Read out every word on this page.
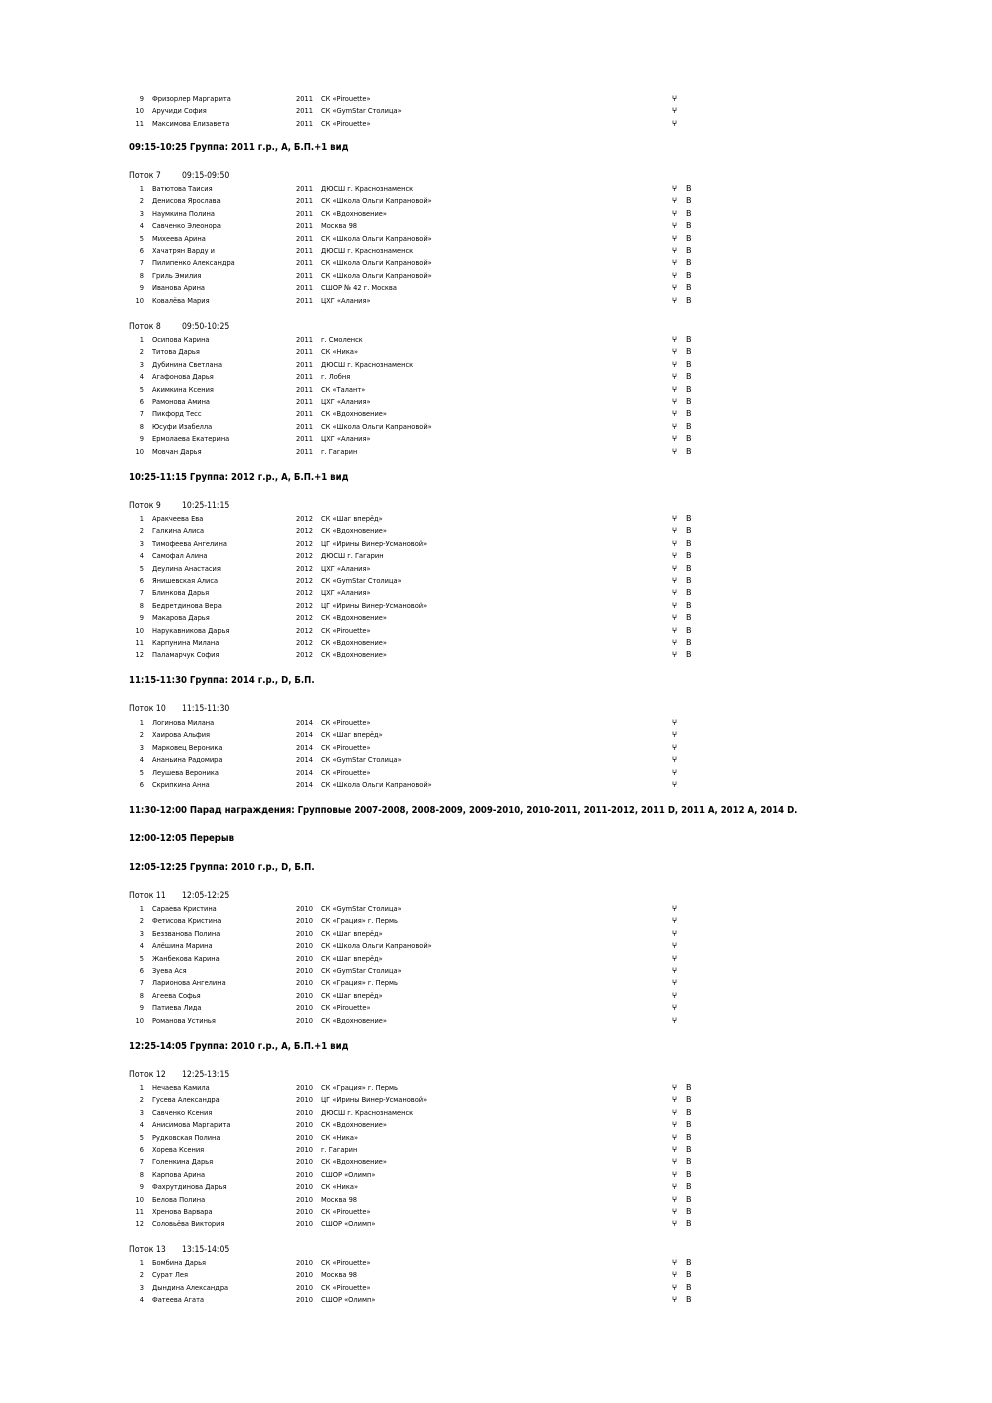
9 Фризорлер Маргарита	2011 СК «Pirouette»	ⵖ
10 Аручиди София	2011 СК «GymStar Столица»	ⵖ
11 Максимова Елизавета	2011 СК «Pirouette»	ⵖ
09:15-10:25 Группа: 2011 г.р., А, Б.П.+1 вид
Поток 7 09:15-09:50
1 Ватютова Таисия	2011 ДЮСШ г. Краснознаменск	ⵖ В
2 Денисова Ярослава	2011 СК «Школа Ольги Капрановой»	ⵖ В
3 Наумкина Полина	2011 СК «Вдохновение»	ⵖ В
4 Савченко Элеонора	2011 Москва 98	ⵖ В
5 Михеева Арина	2011 СК «Школа Ольги Капрановой»	ⵖ В
6 Хачатрян Варду и	2011 ДЮСШ г. Краснознаменск	ⵖ В
7 Пилипенко Александра	2011 СК «Школа Ольги Капрановой»	ⵖ В
8 Гриль Эмилия	2011 СК «Школа Ольги Капрановой»	ⵖ В
9 Иванова Арина	2011 СШОР № 42 г. Москва	ⵖ В
10 Ковалёва Мария	2011 ЦХГ «Алания»	ⵖ В
Поток 8 09:50-10:25
1 Осипова Карина	2011 г. Смоленск	ⵖ В
2 Титова Дарья	2011 СК «Ника»	ⵖ В
3 Дубинина Светлана	2011 ДЮСШ г. Краснознаменск	ⵖ В
4 Агафонова Дарья	2011 г. Лобня	ⵖ В
5 Акимкина Ксения	2011 СК «Талант»	ⵖ В
6 Рамонова Амина	2011 ЦХГ «Алания»	ⵖ В
7 Пикфорд Тесс	2011 СК «Вдохновение»	ⵖ В
8 Юсуфи Изабелла	2011 СК «Школа Ольги Капрановой»	ⵖ В
9 Ермолаева Екатерина	2011 ЦХГ «Алания»	ⵖ В
10 Мовчан Дарья	2011 г. Гагарин	ⵖ В
10:25-11:15 Группа: 2012 г.р., А, Б.П.+1 вид
Поток 9 10:25-11:15
1 Аракчеева Ева	2012 СК «Шаг вперёд»	ⵖ В
2 Галкина Алиса	2012 СК «Вдохновение»	ⵖ В
3 Тимофеева Ангелина	2012 ЦГ «Ирины Винер-Усмановой»	ⵖ В
4 Самофал Алина	2012 ДЮСШ г. Гагарин	ⵖ В
5 Деулина Анастасия	2012 ЦХГ «Алания»	ⵖ В
6 Янишевская Алиса	2012 СК «GymStar Столица»	ⵖ В
7 Блинкова Дарья	2012 ЦХГ «Алания»	ⵖ В
8 Бедретдинова Вера	2012 ЦГ «Ирины Винер-Усмановой»	ⵖ В
9 Макарова Дарья	2012 СК «Вдохновение»	ⵖ В
10 Нарукавникова Дарья	2012 СК «Pirouette»	ⵖ В
11 Карпунина Милана	2012 СК «Вдохновение»	ⵖ В
12 Паламарчук София	2012 СК «Вдохновение»	ⵖ В
11:15-11:30 Группа: 2014 г.р., D, Б.П.
Поток 10 11:15-11:30
1 Логинова Милана	2014 СК «Pirouette»	ⵖ
2 Хаирова Альфия	2014 СК «Шаг вперёд»	ⵖ
3 Марковец Вероника	2014 СК «Pirouette»	ⵖ
4 Ананьина Радомира	2014 СК «GymStar Столица»	ⵖ
5 Леушева Вероника	2014 СК «Pirouette»	ⵖ
6 Скрипкина Анна	2014 СК «Школа Ольги Капрановой»	ⵖ
11:30-12:00 Парад награждения: Групповые 2007-2008, 2008-2009, 2009-2010, 2010-2011, 2011-2012, 2011 D, 2011 А, 2012 А, 2014 D.
12:00-12:05 Перерыв
12:05-12:25 Группа: 2010 г.р., D, Б.П.
Поток 11 12:05-12:25
1 Сараева Кристина	2010 СК «GymStar Столица»	ⵖ
2 Фетисова Кристина	2010 СК «Грация» г. Пермь	ⵖ
3 Беззванова Полина	2010 СК «Шаг вперёд»	ⵖ
4 Алёшина Марина	2010 СК «Школа Ольги Капрановой»	ⵖ
5 Жанбекова Карина	2010 СК «Шаг вперёд»	ⵖ
6 Зуева Ася	2010 СК «GymStar Столица»	ⵖ
7 Ларионова Ангелина	2010 СК «Грация» г. Пермь	ⵖ
8 Агеева Софья	2010 СК «Шаг вперёд»	ⵖ
9 Патиева Лида	2010 СК «Pirouette»	ⵖ
10 Романова Устинья	2010 СК «Вдохновение»	ⵖ
12:25-14:05 Группа: 2010 г.р., А, Б.П.+1 вид
Поток 12 12:25-13:15
1 Нечаева Камила	2010 СК «Грация» г. Пермь	ⵖ В
2 Гусева Александра	2010 ЦГ «Ирины Винер-Усмановой»	ⵖ В
3 Савченко Ксения	2010 ДЮСШ г. Краснознаменск	ⵖ В
4 Анисимова Маргарита	2010 СК «Вдохновение»	ⵖ В
5 Рудковская Полина	2010 СК «Ника»	ⵖ В
6 Хорева Ксения	2010 г. Гагарин	ⵖ В
7 Голенкина Дарья	2010 СК «Вдохновение»	ⵖ В
8 Карпова Арина	2010 СШОР «Олимп»	ⵖ В
9 Фахрутдинова Дарья	2010 СК «Ника»	ⵖ В
10 Белова Полина	2010 Москва 98	ⵖ В
11 Хренова Варвара	2010 СК «Pirouette»	ⵖ В
12 Соловьёва Виктория	2010 СШОР «Олимп»	ⵖ В
Поток 13 13:15-14:05
1 Бомбина Дарья	2010 СК «Pirouette»	ⵖ В
2 Сурат Лея	2010 Москва 98	ⵖ В
3 Дындина Александра	2010 СК «Pirouette»	ⵖ В
4 Фатеева Агата	2010 СШОР «Олимп»	ⵖ В
